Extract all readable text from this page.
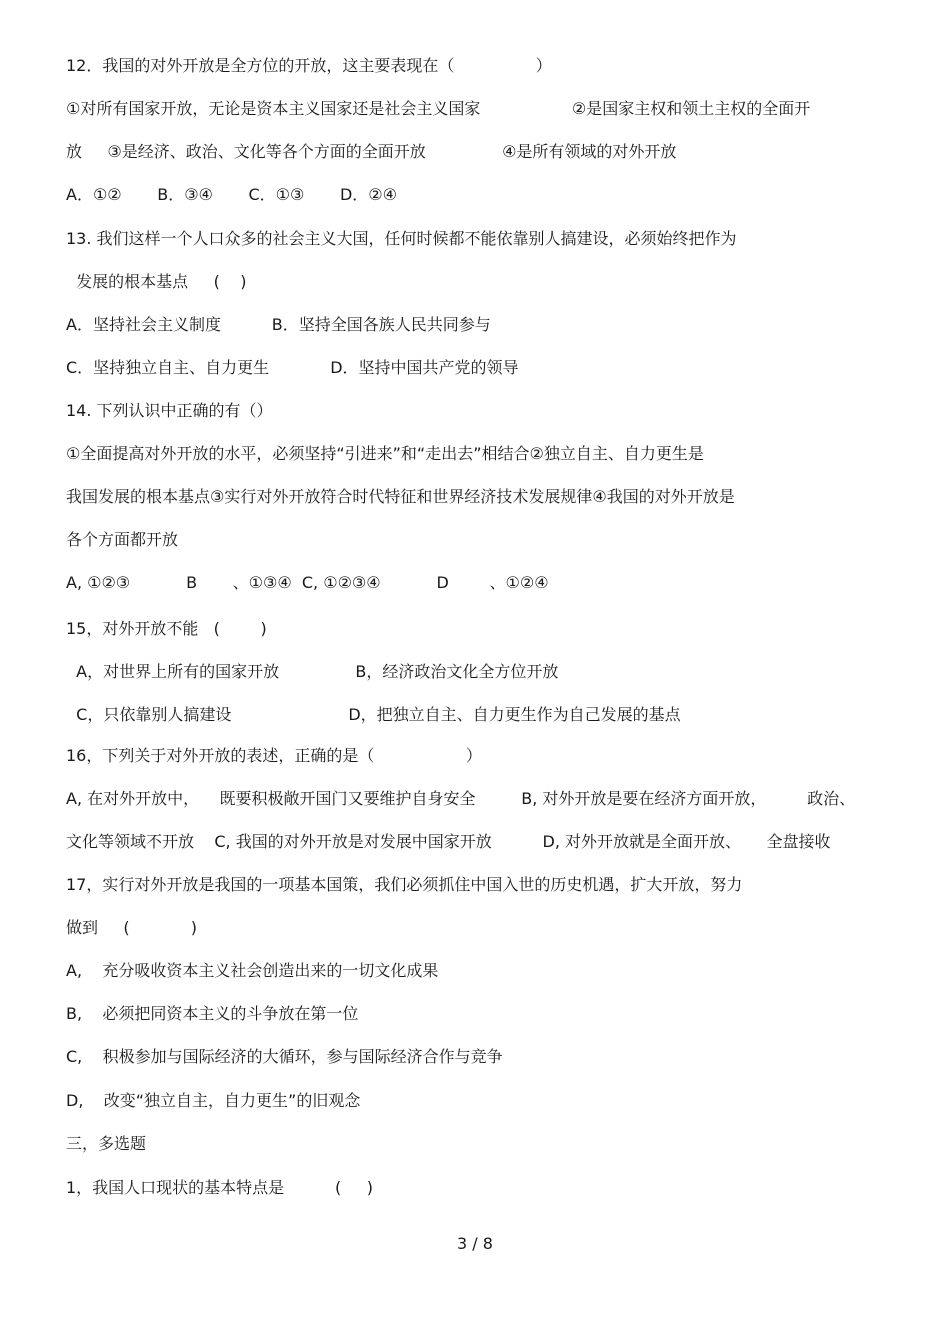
12．我国的对外开放是全方位的开放，这主要表现在（                ）
①对所有国家开放，无论是资本主义国家还是社会主义国家                  ②是国家主权和领土主权的全面开
放     ③是经济、政治、文化等各个方面的全面开放               ④是所有领域的对外开放
A．①②       B．③④       C．①③       D．②④
13. 我们这样一个人口众多的社会主义大国，任何时候都不能依靠别人搞建设，必须始终把作为
发展的根本基点     (    )
A．坚持社会主义制度          B．坚持全国各族人民共同参与
C．坚持独立自主、自力更生            D．坚持中国共产党的领导
14. 下列认识中正确的有（）
①全面提高对外开放的水平，必须坚持“引进来”和“走出去”相结合②独立自主、自力更生是
我国发展的根本基点③实行对外开放符合时代特征和世界经济技术发展规律④我国的对外开放是
各个方面都开放
A, ①②③           B       、①③④  C, ①②③④           D        、①②④
15，对外开放不能   (        )
A，对世界上所有的国家开放               B，经济政治文化全方位开放
C，只依靠别人搞建设                       D，把独立自主、自力更生作为自己发展的基点
16，下列关于对外开放的表述，正确的是（                  ）
A, 在对外开放中，    既要积极敞开国门又要维护自身安全         B, 对外开放是要在经济方面开放，        政治、
文化等领域不开放    C, 我国的对外开放是对发展中国家开放          D, 对外开放就是全面开放、     全盘接收
17，实行对外开放是我国的一项基本国策，我们必须抓住中国入世的历史机遇，扩大开放，努力
做到     (            )
A,    充分吸收资本主义社会创造出来的一切文化成果
B,    必须把同资本主义的斗争放在第一位
C,    积极参加与国际经济的大循环，参与国际经济合作与竞争
D,    改变“独立自主，自力更生”的旧观念
三，多选题
1，我国人口现状的基本特点是          (     )
3 / 8
